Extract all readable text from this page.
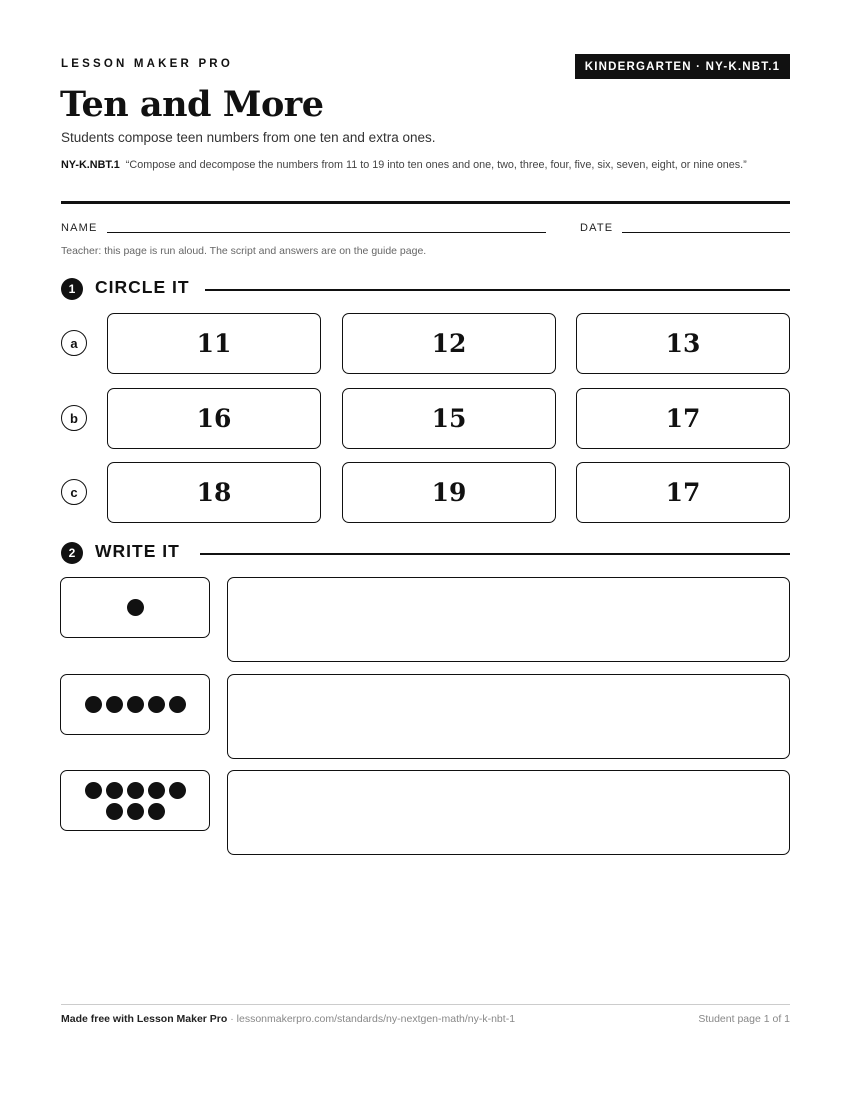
LESSON MAKER PRO	KINDERGARTEN · NY-K.NBT.1
Ten and More
Students compose teen numbers from one ten and extra ones.
NY-K.NBT.1 “Compose and decompose the numbers from 11 to 19 into ten ones and one, two, three, four, five, six, seven, eight, or nine ones.”
NAME	DATE
Teacher: this page is run aloud. The script and answers are on the guide page.
1	CIRCLE IT
a	11	12	13
b	16	15	17
c	18	19	17
2	WRITE IT
Made free with Lesson Maker Pro · lessonmakerpro.com/standards/ny-nextgen-math/ny-k-nbt-1	Student page 1 of 1
